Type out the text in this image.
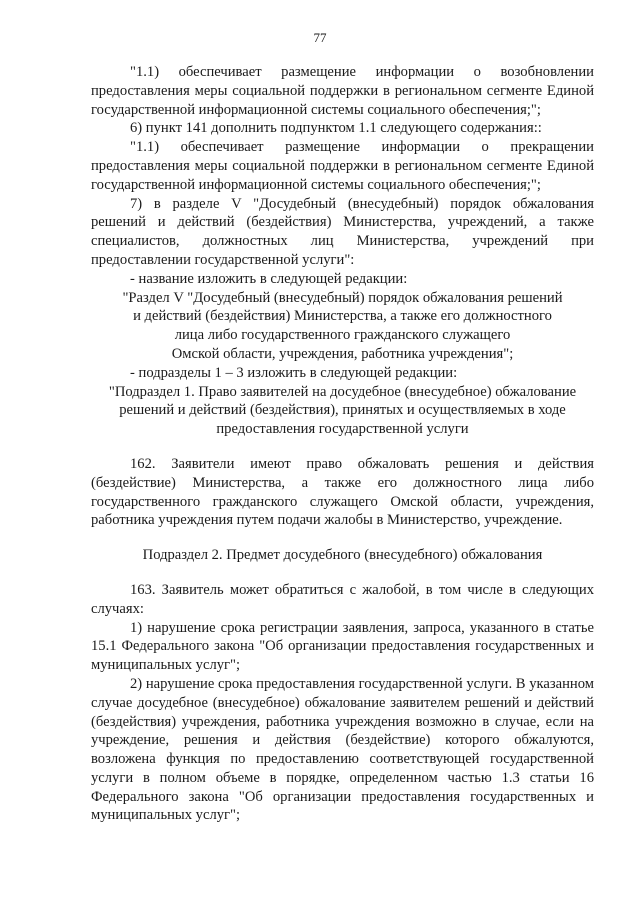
77

"1.1) обеспечивает размещение информации о возобновлении предоставления меры социальной поддержки в региональном сегменте Единой государственной информационной системы социального обеспечения;";

6) пункт 141 дополнить подпунктом 1.1 следующего содержания::

"1.1) обеспечивает размещение информации о прекращении предоставления меры социальной поддержки в региональном сегменте Единой государственной информационной системы социального обеспечения;";

7) в разделе V "Досудебный (внесудебный) порядок обжалования решений и действий (бездействия) Министерства, учреждений, а также специалистов, должностных лиц Министерства, учреждений при предоставлении государственной услуги":

- название изложить в следующей редакции:

"Раздел V "Досудебный (внесудебный) порядок обжалования решений

и действий (бездействия) Министерства, а также его должностного

лица либо государственного гражданского служащего

Омской области, учреждения, работника учреждения";

- подразделы 1 – 3 изложить в следующей редакции:

"Подраздел 1. Право заявителей на досудебное (внесудебное) обжалование

решений и действий (бездействия), принятых и осуществляемых в ходе

предоставления государственной услуги

162. Заявители имеют право обжаловать решения и действия (бездействие) Министерства, а также его должностного лица либо государственного гражданского служащего Омской области, учреждения, работника учреждения путем подачи жалобы в Министерство, учреждение.

Подраздел 2. Предмет досудебного (внесудебного) обжалования

163. Заявитель может обратиться с жалобой, в том числе в следующих случаях:

1) нарушение срока регистрации заявления, запроса, указанного в статье 15.1 Федерального закона "Об организации предоставления государственных и муниципальных услуг";

2) нарушение срока предоставления государственной услуги. В указанном случае досудебное (внесудебное) обжалование заявителем решений и действий (бездействия) учреждения, работника учреждения возможно в случае, если на учреждение, решения и действия (бездействие) которого обжалуются, возложена функция по предоставлению соответствующей государственной услуги в полном объеме в порядке, определенном частью 1.3 статьи 16 Федерального закона "Об организации предоставления государственных и муниципальных услуг";
